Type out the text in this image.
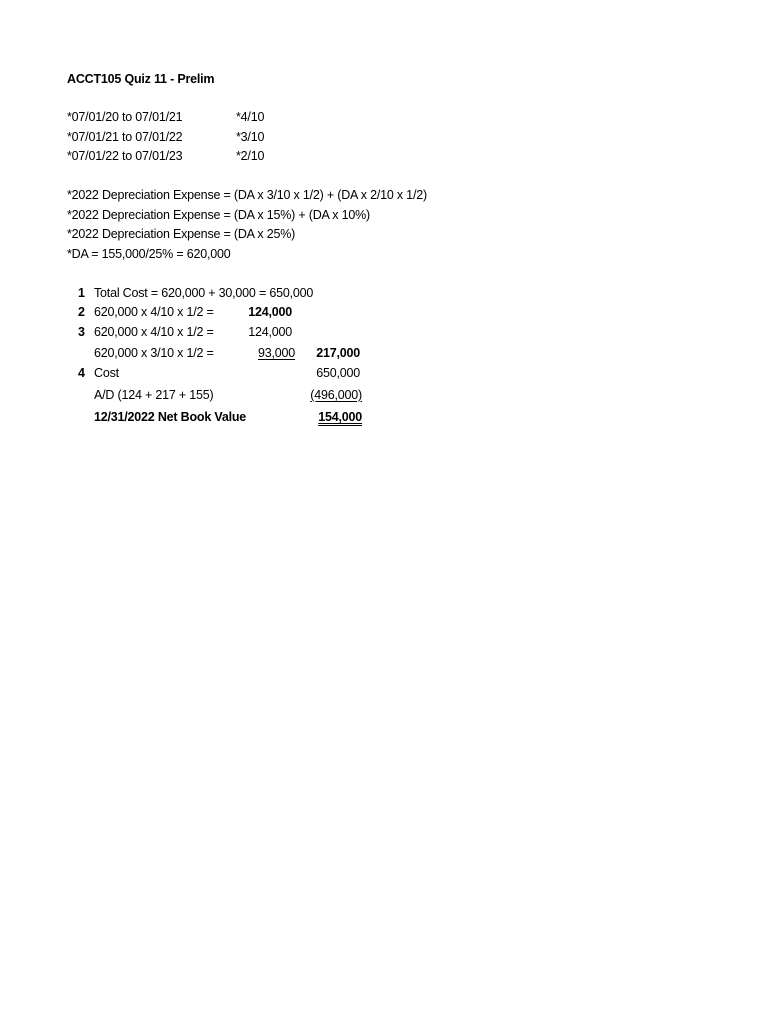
ACCT105 Quiz 11 - Prelim
*07/01/20 to 07/01/21	*4/10
*07/01/21 to 07/01/22	*3/10
*07/01/22 to 07/01/23	*2/10
*2022 Depreciation Expense = (DA x 3/10 x 1/2) + (DA x 2/10 x 1/2)
*2022 Depreciation Expense = (DA x 15%) + (DA x 10%)
*2022 Depreciation Expense = (DA x 25%)
*DA = 155,000/25% = 620,000
1 Total Cost = 620,000 + 30,000 = 650,000
2 620,000 x 4/10 x 1/2 =	124,000
3 620,000 x 4/10 x 1/2 =	124,000
620,000 x 3/10 x 1/2 =	93,000	217,000
4 Cost	650,000
A/D (124 + 217 + 155)	(496,000)
12/31/2022 Net Book Value	154,000
